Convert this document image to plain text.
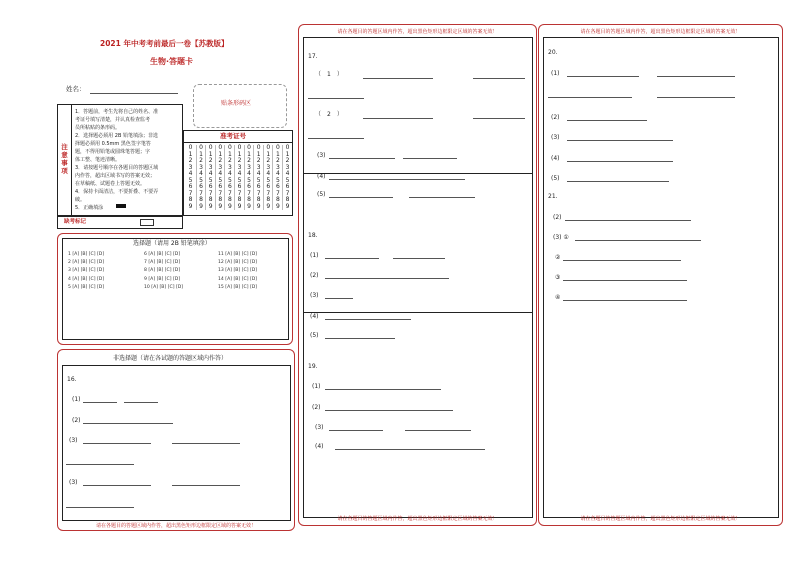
2021 年中考考前最后一卷【苏教版】
生物·答题卡
姓名：
贴条形码区
注意事项
1．答题前，考生先将自己的姓名、准
考证号填写清楚，并认真检查监考
员所粘贴的条形码。
2．选择题必须用 2B 铅笔填涂；非选
择题必须用 0.5mm 黑色签字笔答
题，不得用铅笔或圆珠笔答题；字
体工整、笔迹清晰。
3．请按题号顺序在各题目的答题区域
内作答，超出区域书写的答案无效；
在草稿纸、试题卷上答题无效。
4．保持卡面清洁，不要折叠、不要弄
破。
5．正确填涂
准考证号
0
1
2
3
4
5
6
7
8
9
0
1
2
3
4
5
6
7
8
9
0
1
2
3
4
5
6
7
8
9
0
1
2
3
4
5
6
7
8
9
0
1
2
3
4
5
6
7
8
9
0
1
2
3
4
5
6
7
8
9
0
1
2
3
4
5
6
7
8
9
0
1
2
3
4
5
6
7
8
9
0
1
2
3
4
5
6
7
8
9
0
1
2
3
4
5
6
7
8
9
0
1
2
3
4
5
6
7
8
9
缺考标记
选择题（请用 2B 铅笔填涂）
1 [A] [B] [C] [D]
2 [A] [B] [C] [D]
3 [A] [B] [C] [D]
4 [A] [B] [C] [D]
5 [A] [B] [C] [D]
6 [A] [B] [C] [D]
7 [A] [B] [C] [D]
8 [A] [B] [C] [D]
9 [A] [B] [C] [D]
10 [A] [B] [C] [D]
11 [A] [B] [C] [D]
12 [A] [B] [C] [D]
13 [A] [B] [C] [D]
14 [A] [B] [C] [D]
15 [A] [B] [C] [D]
非选择题（请在各试题的答题区域内作答）
16.
(1)
(2)
(3)
(3)
请在各题目的答题区域内作答，超出黑色矩形边框限定区域的答案无效！
请在各题目的答题区域内作答，超出黑色矩形边框限定区域的答案无效！
请在各题目的答题区域内作答，超出黑色矩形边框限定区域的答案无效！
17.
（　1　）
（　2　）
(3)
(4)
(5)
18.
(1)
(2)
(3)
(4)
(5)
19.
(1)
(2)
(3)
(4)
请在各题目的答题区域内作答，超出黑色矩形边框限定区域的答案无效！
请在各题目的答题区域内作答，超出黑色矩形边框限定区域的答案无效！
20.
(1)
(2)
(3)
(4)
(5)
21.
(2)
(3) ①
②
③
④
